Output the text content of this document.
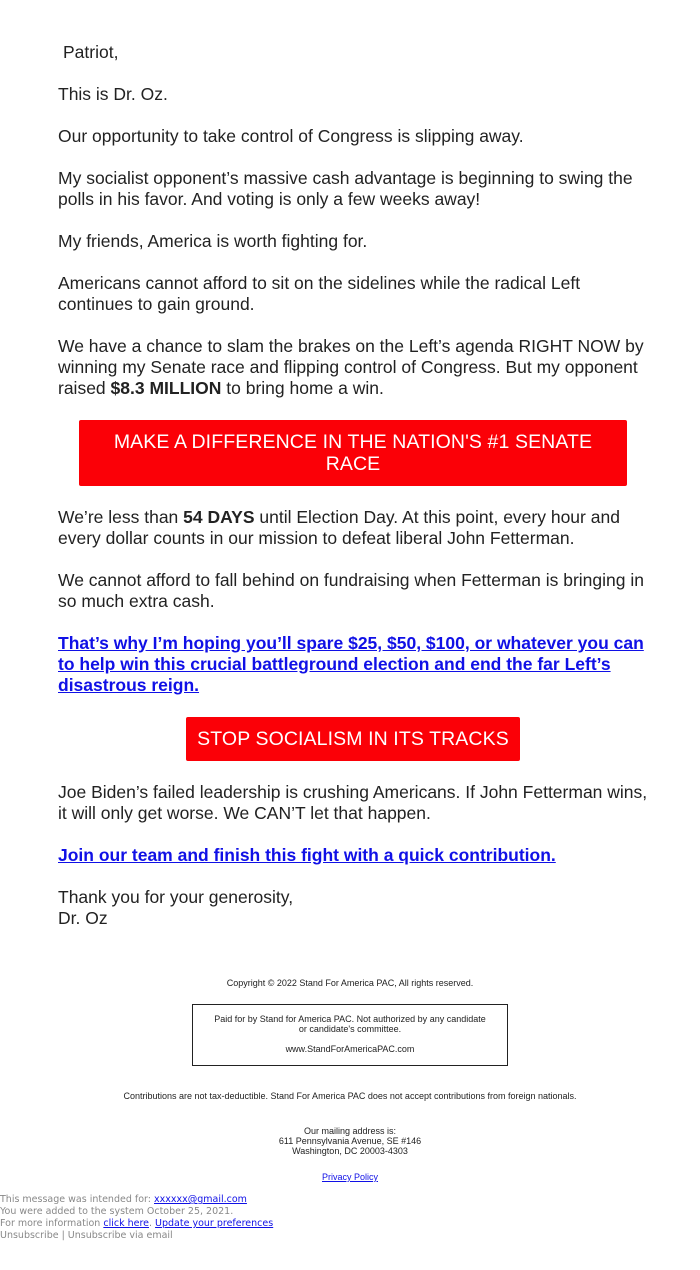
Patriot,

This is Dr. Oz.

Our opportunity to take control of Congress is slipping away.

My socialist opponent’s massive cash advantage is beginning to swing the polls in his favor. And voting is only a few weeks away!

My friends, America is worth fighting for.

Americans cannot afford to sit on the sidelines while the radical Left continues to gain ground.

We have a chance to slam the brakes on the Left’s agenda RIGHT NOW by winning my Senate race and flipping control of Congress. But my opponent raised $8.3 MILLION to bring home a win.

MAKE A DIFFERENCE IN THE NATION'S #1 SENATE RACE

We’re less than 54 DAYS until Election Day. At this point, every hour and every dollar counts in our mission to defeat liberal John Fetterman.

We cannot afford to fall behind on fundraising when Fetterman is bringing in so much extra cash.

That’s why I’m hoping you’ll spare $25, $50, $100, or whatever you can to help win this crucial battleground election and end the far Left’s disastrous reign.

STOP SOCIALISM IN ITS TRACKS

Joe Biden’s failed leadership is crushing Americans. If John Fetterman wins, it will only get worse. We CAN’T let that happen.

Join our team and finish this fight with a quick contribution.

Thank you for your generosity,
Dr. Oz

Copyright © 2022 Stand For America PAC, All rights reserved.

Paid for by Stand for America PAC. Not authorized by any candidate or candidate's committee.

www.StandForAmericaPAC.com

Contributions are not tax-deductible. Stand For America PAC does not accept contributions from foreign nationals.

Our mailing address is:

611 Pennsylvania Avenue, SE #146

Washington, DC 20003-4303

Privacy Policy
This message was intended for: xxxxxx@gmail.com
You were added to the system October 25, 2021.
For more information click here. Update your preferences
Unsubscribe | Unsubscribe via email
